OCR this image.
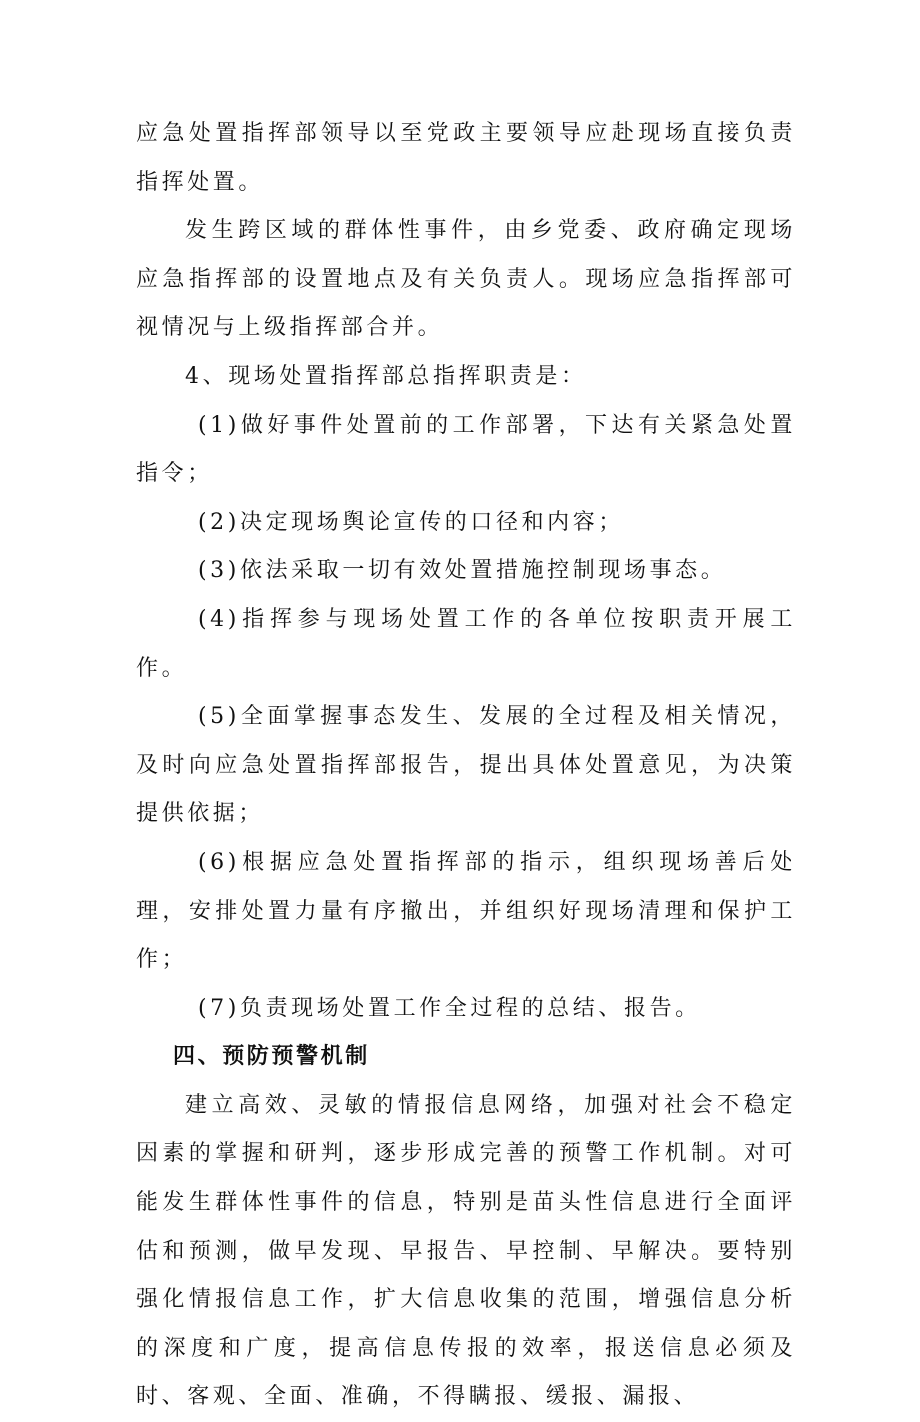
应急处置指挥部领导以至党政主要领导应赴现场直接负责指挥处置。

发生跨区域的群体性事件，由乡党委、政府确定现场应急指挥部的设置地点及有关负责人。现场应急指挥部可视情况与上级指挥部合并。

4、现场处置指挥部总指挥职责是：

(1)做好事件处置前的工作部署，下达有关紧急处置指令；

(2)决定现场舆论宣传的口径和内容；

(3)依法采取一切有效处置措施控制现场事态。

(4)指挥参与现场处置工作的各单位按职责开展工作。

(5)全面掌握事态发生、发展的全过程及相关情况，及时向应急处置指挥部报告，提出具体处置意见，为决策提供依据；

(6)根据应急处置指挥部的指示，组织现场善后处理，安排处置力量有序撤出，并组织好现场清理和保护工作；

(7)负责现场处置工作全过程的总结、报告。

四、预防预警机制

建立高效、灵敏的情报信息网络，加强对社会不稳定因素的掌握和研判，逐步形成完善的预警工作机制。对可能发生群体性事件的信息，特别是苗头性信息进行全面评估和预测，做早发现、早报告、早控制、早解决。要特别强化情报信息工作，扩大信息收集的范围，增强信息分析的深度和广度，提高信息传报的效率，报送信息必须及时、客观、全面、准确，不得瞒报、缓报、漏报、
